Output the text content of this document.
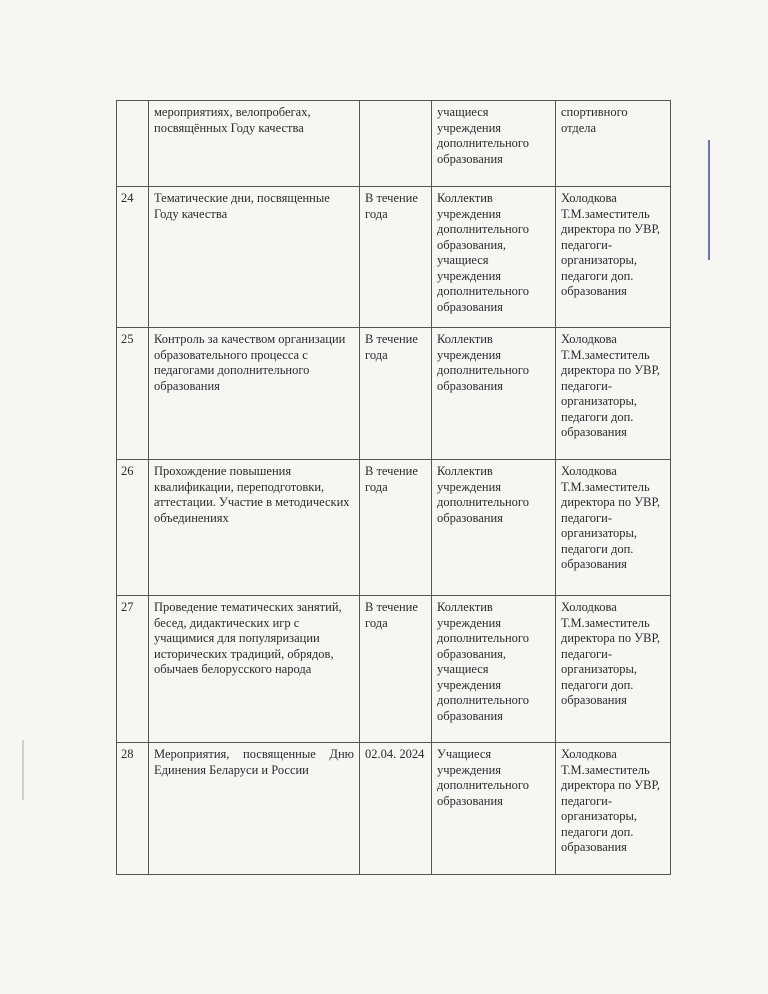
	мероприятиях, велопробегах, посвящённых Году качества		учащиеся учреждения дополнительного образования	спортивного отдела
24	Тематические дни, посвященные Году качества	В течение года	Коллектив учреждения дополнительного образования, учащиеся учреждения дополнительного образования	Холодкова Т.М.заместитель директора по УВР, педагоги-организаторы, педагоги доп. образования
25	Контроль за качеством организации образовательного процесса с педагогами дополнительного образования	В течение года	Коллектив учреждения дополнительного образования	Холодкова Т.М.заместитель директора по УВР, педагоги-организаторы, педагоги доп. образования
26	Прохождение повышения квалификации, переподготовки, аттестации. Участие в методических объединениях	В течение года	Коллектив учреждения дополнительного образования	Холодкова Т.М.заместитель директора по УВР, педагоги-организаторы, педагоги доп. образования
27	Проведение тематических занятий, бесед, дидактических игр с учащимися для популяризации исторических традиций, обрядов, обычаев белорусского народа	В течение года	Коллектив учреждения дополнительного образования, учащиеся учреждения дополнительного образования	Холодкова Т.М.заместитель директора по УВР, педагоги-организаторы, педагоги доп. образования
28	Мероприятия, посвященные Дню Единения Беларуси и России	02.04. 2024	Учащиеся учреждения дополнительного образования	Холодкова Т.М.заместитель директора по УВР, педагоги-организаторы, педагоги доп. образования
